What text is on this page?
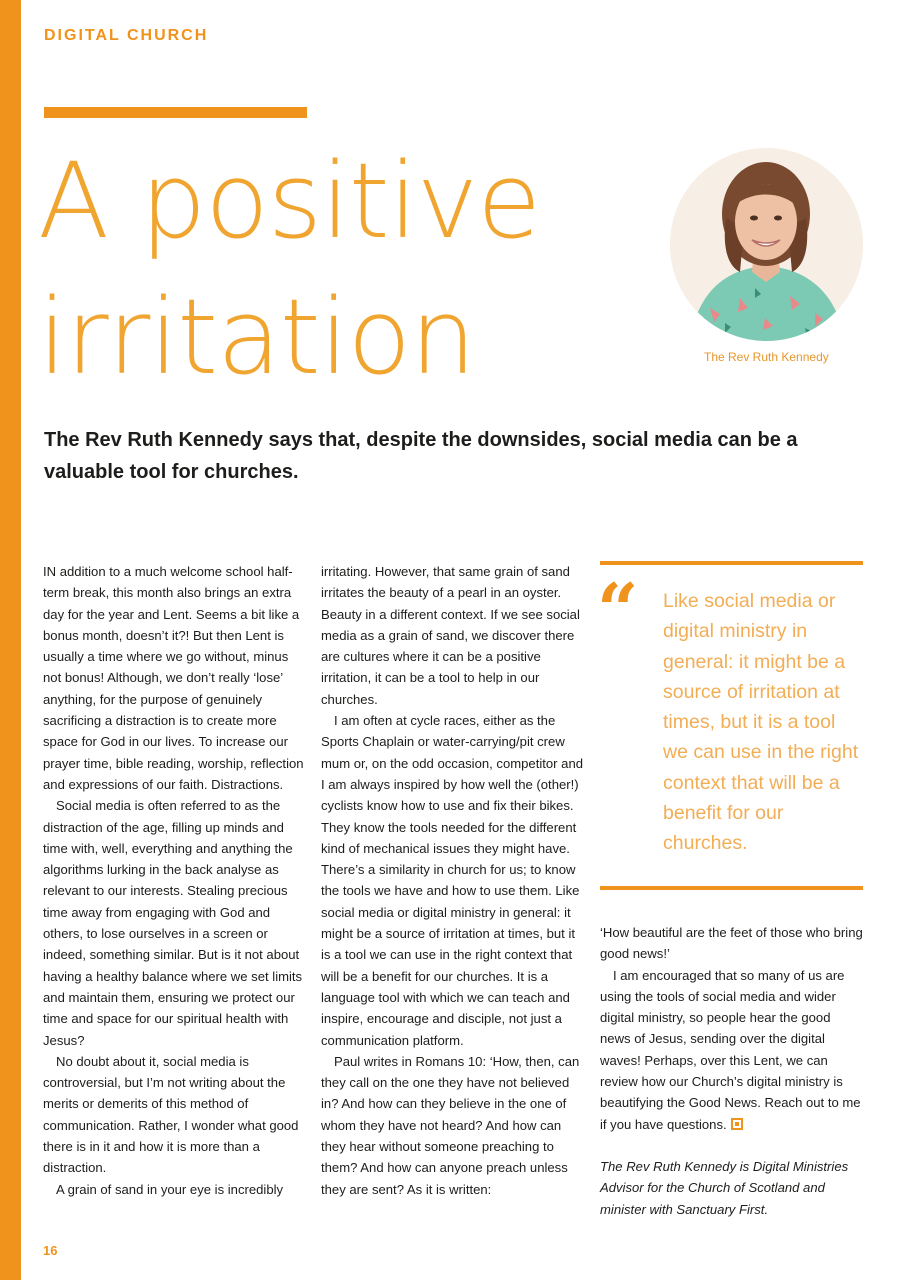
DIGITAL CHURCH
A positive
irritation	The Rev Ruth Kennedy

The Rev Ruth Kennedy says that, despite the downsides, social media can be a valuable tool for churches.

IN addition to a much welcome school half-term break, this month also brings an extra day for the year and Lent. Seems a bit like a bonus month, doesn’t it?! But then Lent is usually a time where we go without, minus not bonus! Although, we don’t really ‘lose’ anything, for the purpose of genuinely sacrificing a distraction is to create more space for God in our lives. To increase our prayer time, bible reading, worship, reflection and expressions of our faith. Distractions.

Social media is often referred to as the distraction of the age, filling up minds and time with, well, everything and anything the algorithms lurking in the back analyse as relevant to our interests. Stealing precious time away from engaging with God and others, to lose ourselves in a screen or indeed, something similar. But is it not about having a healthy balance where we set limits and maintain them, ensuring we protect our time and space for our spiritual health with Jesus?

No doubt about it, social media is controversial, but I’m not writing about the merits or demerits of this method of communication. Rather, I wonder what good there is in it and how it is more than a distraction.

A grain of sand in your eye is incredibly

irritating. However, that same grain of sand irritates the beauty of a pearl in an oyster. Beauty in a different context. If we see social media as a grain of sand, we discover there are cultures where it can be a positive irritation, it can be a tool to help in our churches.

I am often at cycle races, either as the Sports Chaplain or water-carrying/pit crew mum or, on the odd occasion, competitor and I am always inspired by how well the (other!) cyclists know how to use and fix their bikes. They know the tools needed for the different kind of mechanical issues they might have. There’s a similarity in church for us; to know the tools we have and how to use them. Like social media or digital ministry in general: it might be a source of irritation at times, but it is a tool we can use in the right context that will be a benefit for our churches. It is a language tool with which we can teach and inspire, encourage and disciple, not just a communication platform.

Paul writes in Romans 10: ‘How, then, can they call on the one they have not believed in? And how can they believe in the one of whom they have not heard? And how can they hear without someone preaching to them? And how can anyone preach unless they are sent? As it is written:

“ Like social media or digital ministry in general: it might be a source of irritation at times, but it is a tool we can use in the right context that will be a benefit for our churches.

‘How beautiful are the feet of those who bring good news!’

I am encouraged that so many of us are using the tools of social media and wider digital ministry, so people hear the good news of Jesus, sending over the digital waves! Perhaps, over this Lent, we can review how our Church’s digital ministry is beautifying the Good News. Reach out to me if you have questions.

The Rev Ruth Kennedy is Digital Ministries Advisor for the Church of Scotland and minister with Sanctuary First.

16
